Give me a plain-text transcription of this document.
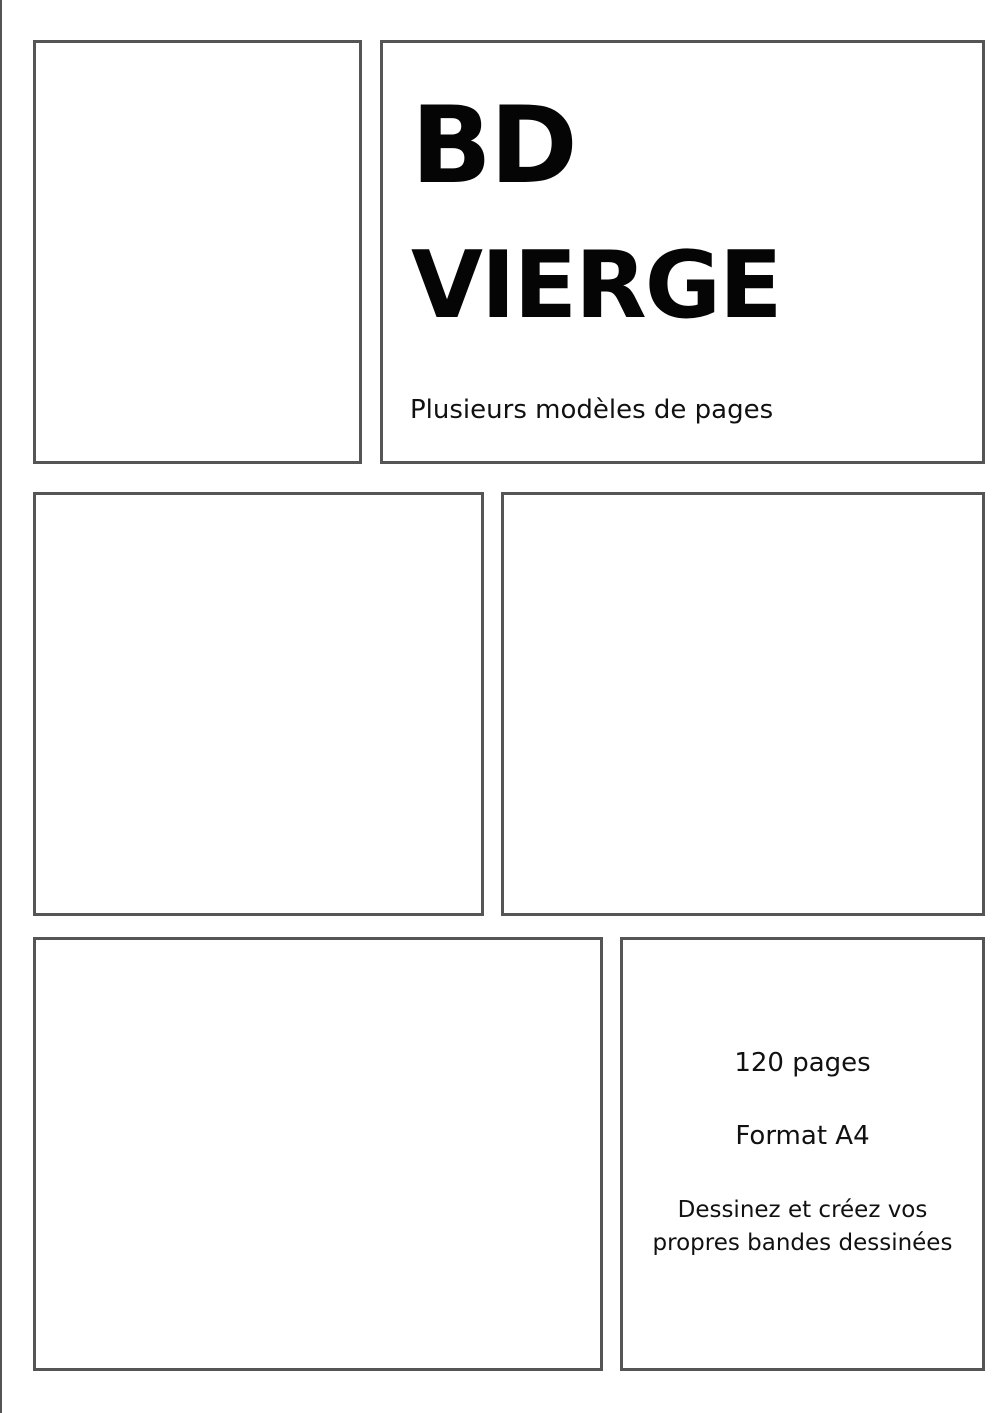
BD
VIERGE

Plusieurs modèles de pages

120 pages

Format A4

Dessinez et créez vos propres bandes dessinées
